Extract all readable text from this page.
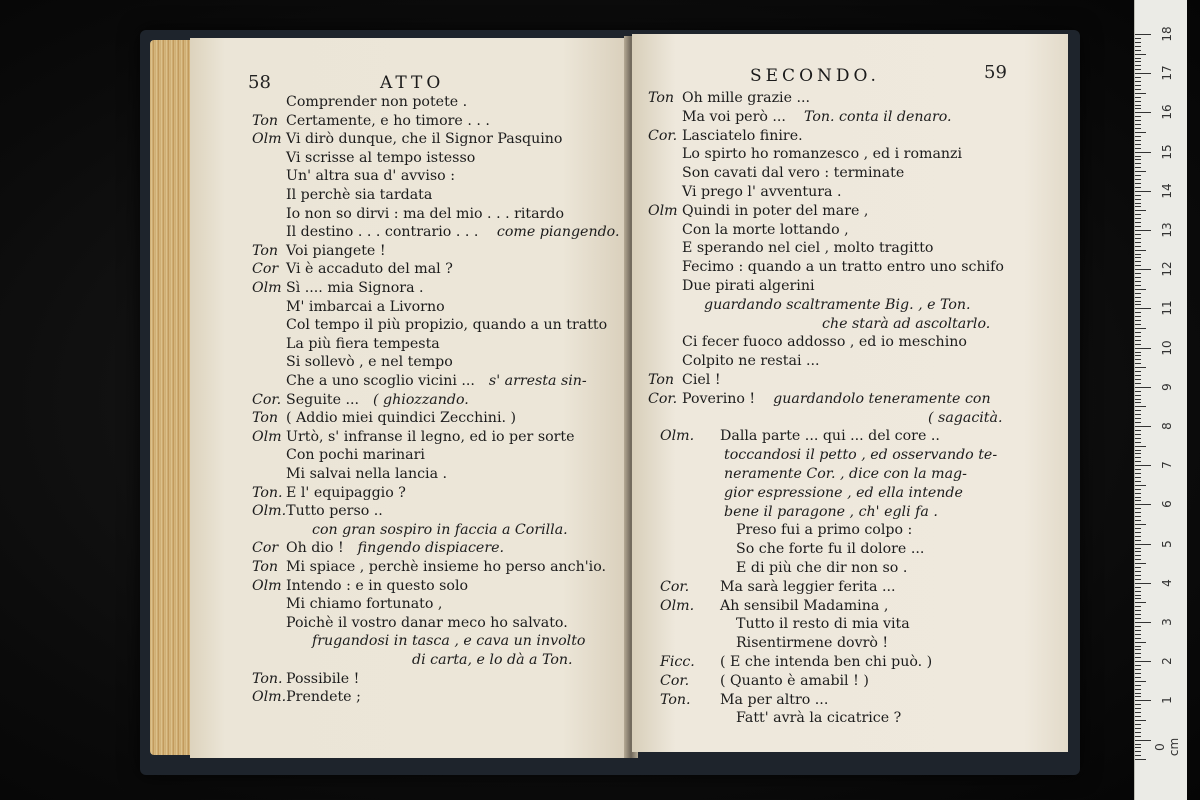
58	ATTO
Comprender non potete .
Ton Certamente, e ho timore . . .
Olm Vi dirò dunque, che il Signor Pasquino
Vi scrisse al tempo istesso
Un' altra sua d' avviso :
Il perchè sia tardata
Io non so dirvi : ma del mio . . . ritardo
Il destino . . . contrario . . . come piangendo.
Ton Voi piangete !
Cor Vi è accaduto del mal ?
Olm Sì .... mia Signora .
M' imbarcai a Livorno
Col tempo il più propizio, quando a un tratto
La più fiera tempesta
Si sollevò , e nel tempo
Che a uno scoglio vicini ... s' arresta sin-
Cor. Seguite ... ( ghiozzando.
Ton ( Addio miei quindici Zecchini. )
Olm Urtò, s' infranse il legno, ed io per sorte
Con pochi marinari
Mi salvai nella lancia .
Ton. E l' equipaggio ?
Olm.Tutto perso ..
con gran sospiro in faccia a Corilla.
Cor Oh dio ! fingendo dispiacere.
Ton Mi spiace , perchè insieme ho perso anch'io.
Olm Intendo : e in questo solo
Mi chiamo fortunato ,
Poichè il vostro danar meco ho salvato.
frugandosi in tasca , e cava un involto
di carta, e lo dà a Ton.
Ton. Possibile !
Olm.Prendete ;
SECONDO.	59
Ton Oh mille grazie ...
Ma voi però ... Ton. conta il denaro.
Cor. Lasciatelo finire.
Lo spirto ho romanzesco , ed i romanzi
Son cavati dal vero : terminate
Vi prego l' avventura .
Olm Quindi in poter del mare ,
Con la morte lottando ,
E sperando nel ciel , molto tragitto
Fecimo : quando a un tratto entro uno schifo
Due pirati algerini
guardando scaltramente Big. , e Ton.
che starà ad ascoltarlo.
Ci fecer fuoco addosso , ed io meschino
Colpito ne restai ...
Ton Ciel !
Cor. Poverino ! guardandolo teneramente con
( sagacità.
Olm. Dalla parte ... qui ... del core ..
toccandosi il petto , ed osservando te-
neramente Cor. , dice con la mag-
gior espressione , ed ella intende
bene il paragone , ch' egli fa .
Preso fui a primo colpo :
So che forte fu il dolore ...
E di più che dir non so .
Cor. Ma sarà leggier ferita ...
Olm. Ah sensibil Madamina ,
Tutto il resto di mia vita
Risentirmene dovrò !
Ficc. ( E che intenda ben chi può. )
Cor. ( Quanto è amabil ! )
Ton. Ma per altro ...
Fatt' avrà la cicatrice ?
18
17
16
15
14
13
12
11
10
9
8
7
6
5
4
3
2
1
0 cm
